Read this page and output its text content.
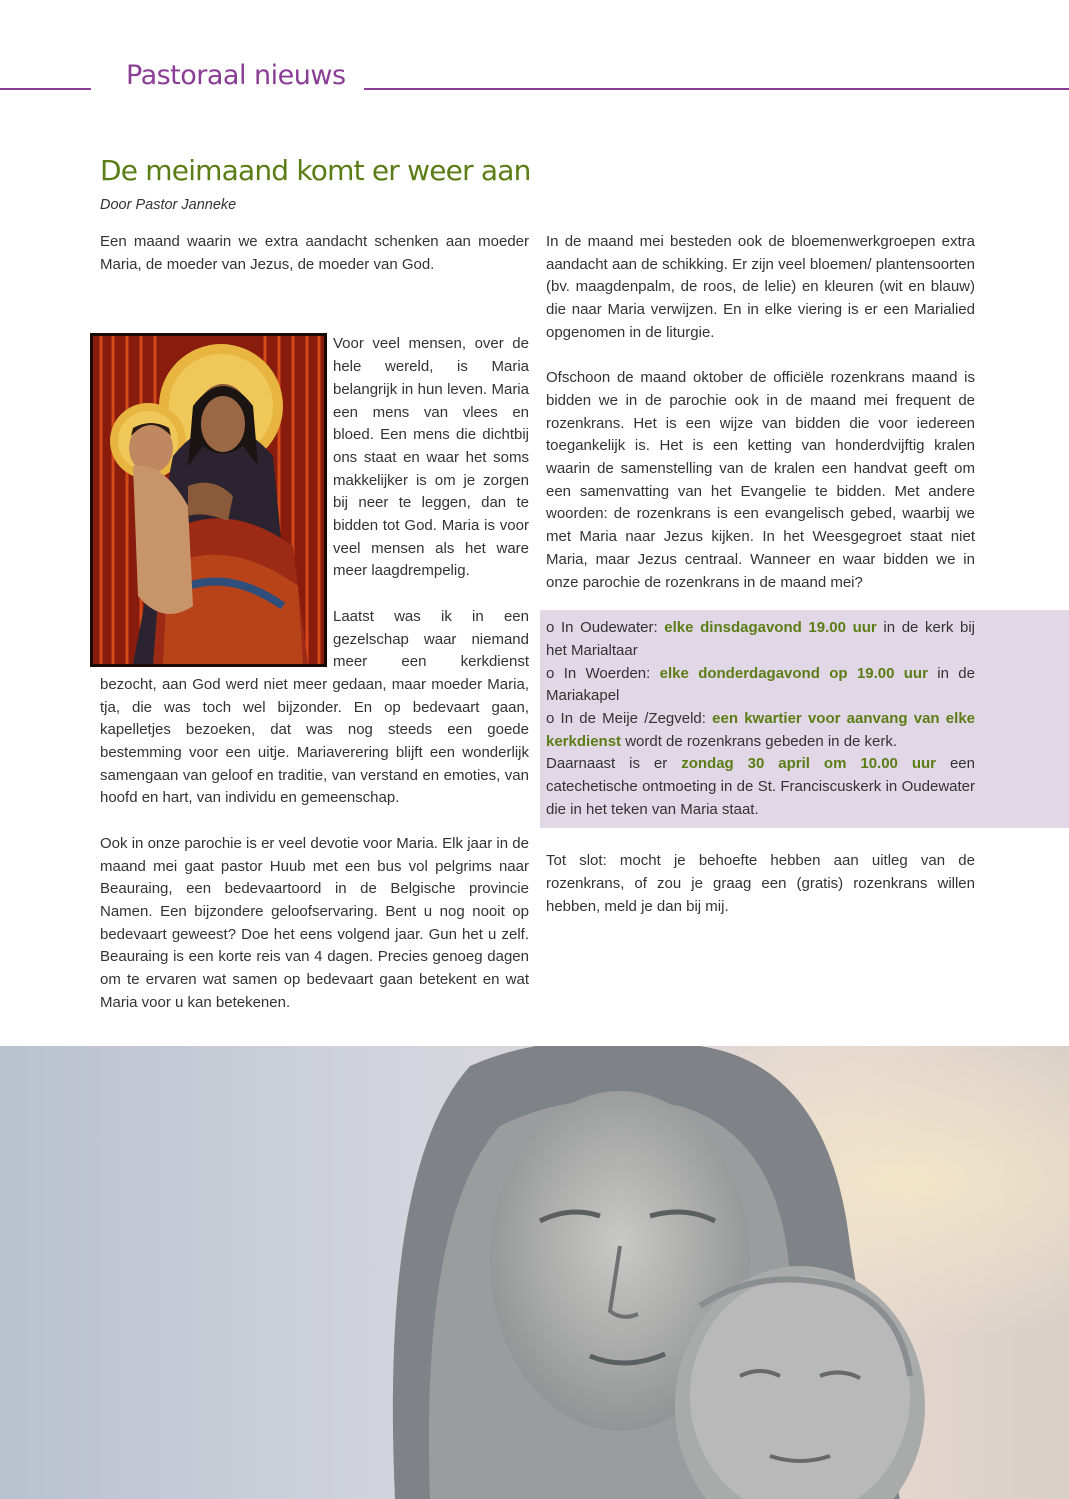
Pastoraal nieuws
De meimaand komt er weer aan

Door Pastor Janneke

Een maand waarin we extra aandacht schenken aan moeder Maria, de moeder van Jezus, de moeder van God.

Voor veel mensen, over de hele wereld, is Maria belangrijk in hun leven. Maria een mens van vlees en bloed. Een mens die dichtbij ons staat en waar het soms makkelijker is om je zorgen bij neer te leggen, dan te bidden tot God. Maria is voor veel mensen als het ware meer laagdrempelig.

Laatst was ik in een gezelschap waar niemand meer een kerkdienst bezocht, aan God werd niet meer gedaan, maar moeder Maria, tja, die was toch wel bijzonder. En op bedevaart gaan, kapelletjes bezoeken, dat was nog steeds een goede bestemming voor een uitje. Mariaverering blijft een wonderlijk samengaan van geloof en traditie, van verstand en emoties, van hoofd en hart, van individu en gemeenschap.

Ook in onze parochie is er veel devotie voor Maria. Elk jaar in de maand mei gaat pastor Huub met een bus vol pelgrims naar Beauraing, een bedevaartoord in de Belgische provincie Namen. Een bijzondere geloofservaring. Bent u nog nooit op bedevaart geweest? Doe het eens volgend jaar. Gun het u zelf. Beauraing is een korte reis van 4 dagen. Precies genoeg dagen om te ervaren wat samen op bedevaart gaan betekent en wat Maria voor u kan betekenen.

In de maand mei besteden ook de bloemenwerkgroepen extra aandacht aan de schikking. Er zijn veel bloemen/ plantensoorten (bv. maagdenpalm, de roos, de lelie) en kleuren (wit en blauw) die naar Maria verwijzen. En in elke viering is er een Marialied opgenomen in de liturgie.

Ofschoon de maand oktober de officiële rozenkrans maand is bidden we in de parochie ook in de maand mei frequent de rozenkrans. Het is een wijze van bidden die voor iedereen toegankelijk is. Het is een ketting van honderdvijftig kralen waarin de samenstelling van de kralen een handvat geeft om een samenvatting van het Evangelie te bidden. Met andere woorden: de rozenkrans is een evangelisch gebed, waarbij we met Maria naar Jezus kijken. In het Weesgegroet staat niet Maria, maar Jezus centraal. Wanneer en waar bidden we in onze parochie de rozenkrans in de maand mei?

o In Oudewater: elke dinsdagavond 19.00 uur in de kerk bij het Marialtaar

o In Woerden: elke donderdagavond op 19.00 uur in de Mariakapel

o In de Meije /Zegveld: een kwartier voor aanvang van elke kerkdienst wordt de rozenkrans gebeden in de kerk.

Daarnaast is er zondag 30 april om 10.00 uur een catechetische ontmoeting in de St. Franciscuskerk in Oudewater die in het teken van Maria staat.

Tot slot: mocht je behoefte hebben aan uitleg van de rozenkrans, of zou je graag een (gratis) rozenkrans willen hebben, meld je dan bij mij.
